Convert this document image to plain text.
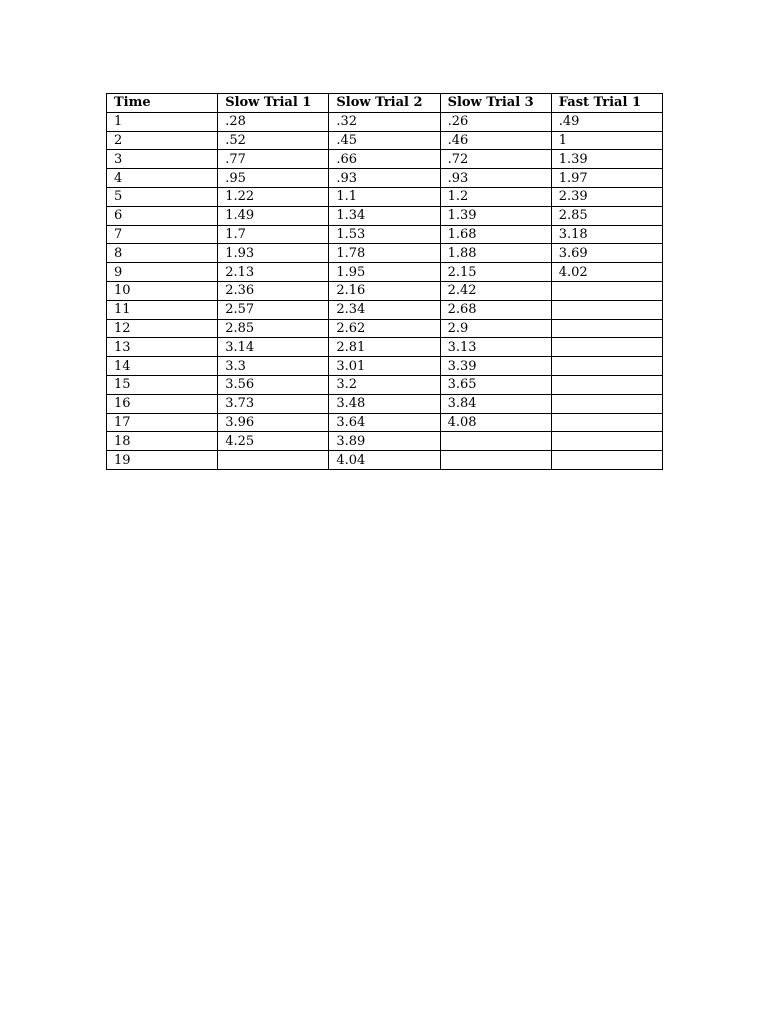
Time	Slow Trial 1	Slow Trial 2	Slow Trial 3	Fast Trial 1
1	.28	.32	.26	.49
2	.52	.45	.46	1
3	.77	.66	.72	1.39
4	.95	.93	.93	1.97
5	1.22	1.1	1.2	2.39
6	1.49	1.34	1.39	2.85
7	1.7	1.53	1.68	3.18
8	1.93	1.78	1.88	3.69
9	2.13	1.95	2.15	4.02
10	2.36	2.16	2.42	
11	2.57	2.34	2.68	
12	2.85	2.62	2.9	
13	3.14	2.81	3.13	
14	3.3	3.01	3.39	
15	3.56	3.2	3.65	
16	3.73	3.48	3.84	
17	3.96	3.64	4.08	
18	4.25	3.89		
19		4.04		
